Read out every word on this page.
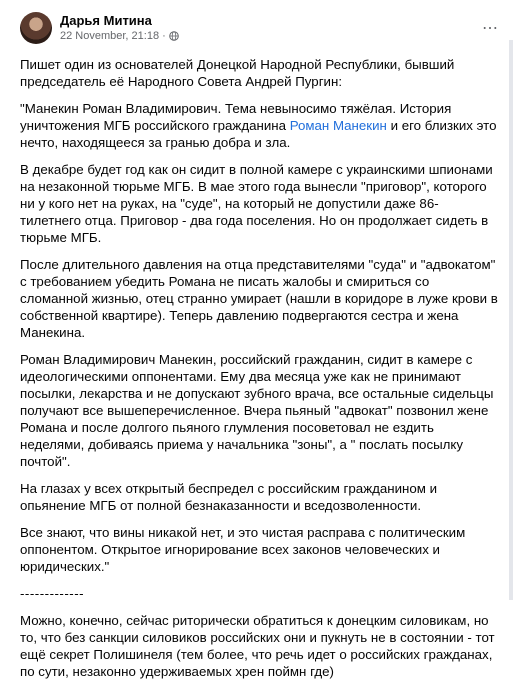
Дарья Митина
22 November, 21:18 ·	⋯

Пишет один из основателей Донецкой Народной Республики, бывший председатель её Народного Совета Андрей Пургин:

"Манекин Роман Владимирович. Тема невыносимо тяжёлая. История уничтожения МГБ российского гражданина Роман Манекин и его близких это нечто, находящееся за гранью добра и зла.

В декабре будет год как он сидит в полной камере с украинскими шпионами на незаконной тюрьме МГБ. В мае этого года вынесли "приговор", которого ни у кого нет на руках, на "суде", на который не допустили даже 86-тилетнего отца. Приговор - два года поселения. Но он продолжает сидеть в тюрьме МГБ.

После длительного давления на отца представителями "суда" и "адвокатом" с требованием убедить Романа не писать жалобы и смириться со сломанной жизнью, отец странно умирает (нашли в коридоре в луже крови в собственной квартире). Теперь давлению подвергаются сестра и жена Манекина.

Роман Владимирович Манекин, российский гражданин, сидит в камере с идеологическими оппонентами. Ему два месяца уже как не принимают посылки, лекарства и не допускают зубного врача, все остальные сидельцы получают все вышеперечисленное. Вчера пьяный "адвокат" позвонил жене Романа и после долгого пьяного глумления посоветовал не ездить неделями, добиваясь приема у начальника "зоны", а " послать посылку почтой".

На глазах у всех открытый беспредел с российским гражданином и опьянение МГБ от полной безнаказанности и вседозволенности.

Все знают, что вины никакой нет, и это чистая расправа с политическим оппонентом. Открытое игнорирование всех законов человеческих и юридических."

-------------

Можно, конечно, сейчас риторически обратиться к донецким силовикам, но то, что без санкции силовиков российских они и пукнуть не в состоянии - тот ещё секрет Полишинеля (тем более, что речь идет о российских гражданах, по сути, незаконно удерживаемых хрен поймн где)
